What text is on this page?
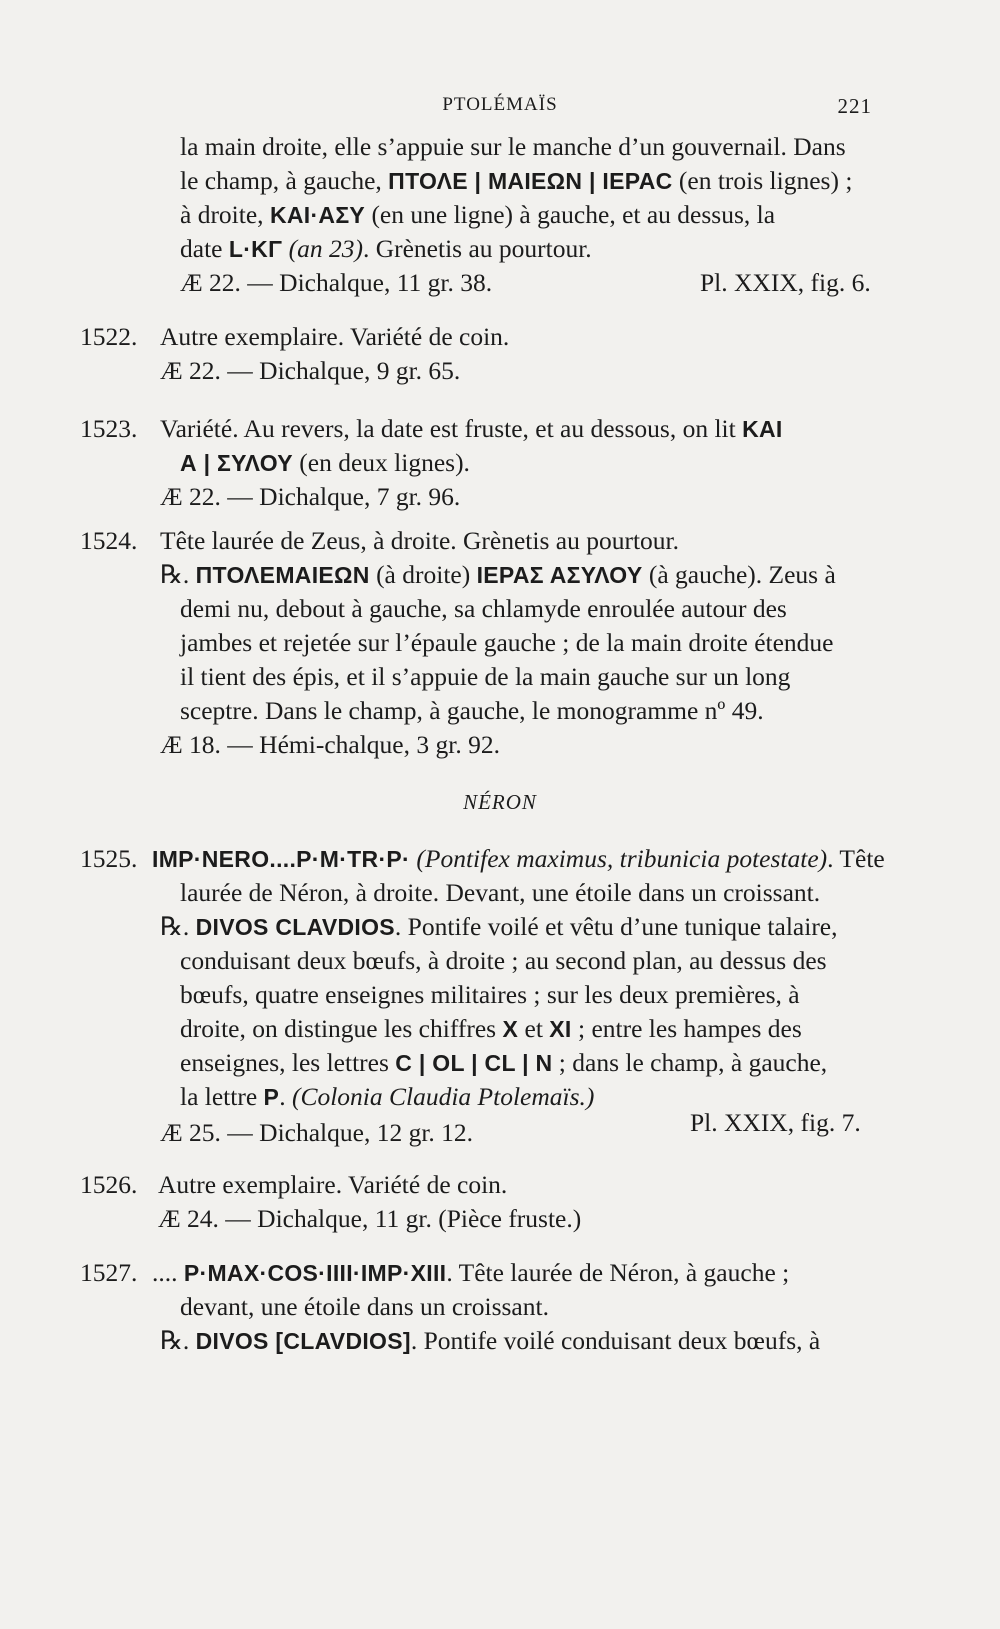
PTOLÉMAÏS	221
la main droite, elle s’appuie sur le manche d’un gouvernail. Dans
le champ, à gauche, ΠΤΟΛΕ | ΜΑΙΕΩΝ | ΙΕΡΑϹ (en trois lignes) ;
à droite, ΚΑΙ·ΑΣΥ (en une ligne) à gauche, et au dessus, la
date L·ΚΓ (an 23). Grènetis au pourtour.
Æ 22. — Dichalque, 11 gr. 38.	Pl. XXIX, fig. 6.
1522. Autre exemplaire. Variété de coin.
Æ 22. — Dichalque, 9 gr. 65.
1523. Variété. Au revers, la date est fruste, et au dessous, on lit ΚΑΙ
Α | ΣΥΛΟΥ (en deux lignes).
Æ 22. — Dichalque, 7 gr. 96.
1524. Tête laurée de Zeus, à droite. Grènetis au pourtour.
℞. ΠΤΟΛΕΜΑΙΕΩΝ (à droite) ΙΕΡΑΣ ΑΣΥΛΟΥ (à gauche). Zeus à
demi nu, debout à gauche, sa chlamyde enroulée autour des
jambes et rejetée sur l’épaule gauche ; de la main droite étendue
il tient des épis, et il s’appuie de la main gauche sur un long
sceptre. Dans le champ, à gauche, le monogramme nº 49.
Æ 18. — Hémi-chalque, 3 gr. 92.
NÉRON
1525. IMP·NERO....P·M·TR·P· (Pontifex maximus, tribunicia potestate). Tête
laurée de Néron, à droite. Devant, une étoile dans un croissant.
℞. DIVOS CLAVDIOS. Pontife voilé et vêtu d’une tunique talaire,
conduisant deux bœufs, à droite ; au second plan, au dessus des
bœufs, quatre enseignes militaires ; sur les deux premières, à
droite, on distingue les chiffres X et XI ; entre les hampes des
enseignes, les lettres C | OL | CL | N ; dans le champ, à gauche,
la lettre P. (Colonia Claudia Ptolemaïs.)
Æ 25. — Dichalque, 12 gr. 12.	Pl. XXIX, fig. 7.
1526. Autre exemplaire. Variété de coin.
Æ 24. — Dichalque, 11 gr. (Pièce fruste.)
1527. .... P·MAX·COS·IIII·IMP·XIII. Tête laurée de Néron, à gauche ;
devant, une étoile dans un croissant.
℞. DIVOS [CLAVDIOS]. Pontife voilé conduisant deux bœufs, à
